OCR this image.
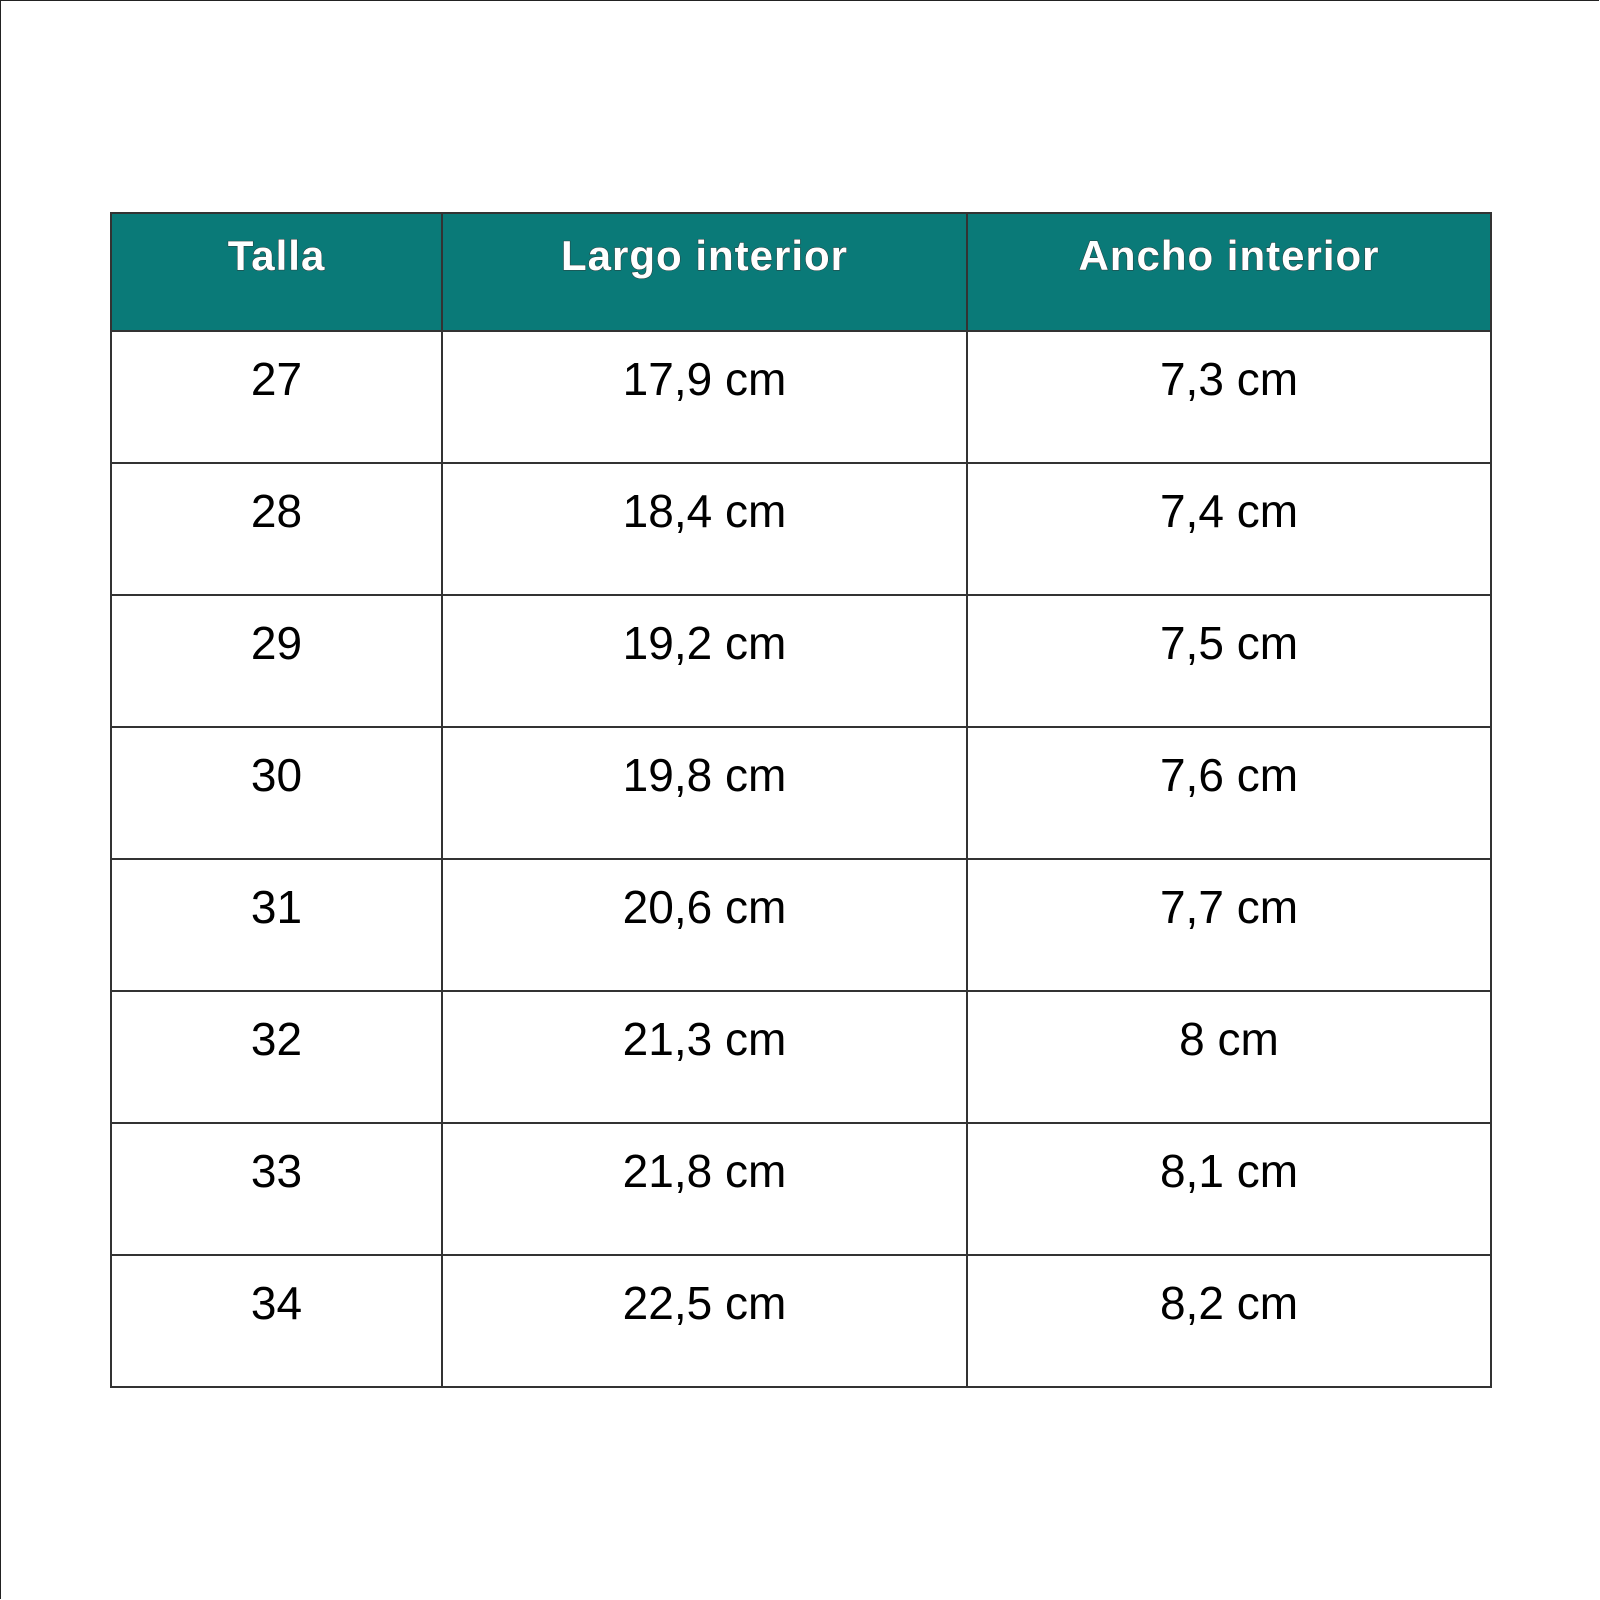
Talla	Largo interior	Ancho interior
27	17,9 cm	7,3 cm
28	18,4 cm	7,4 cm
29	19,2 cm	7,5 cm
30	19,8 cm	7,6 cm
31	20,6 cm	7,7 cm
32	21,3 cm	8 cm
33	21,8 cm	8,1 cm
34	22,5 cm	8,2 cm
